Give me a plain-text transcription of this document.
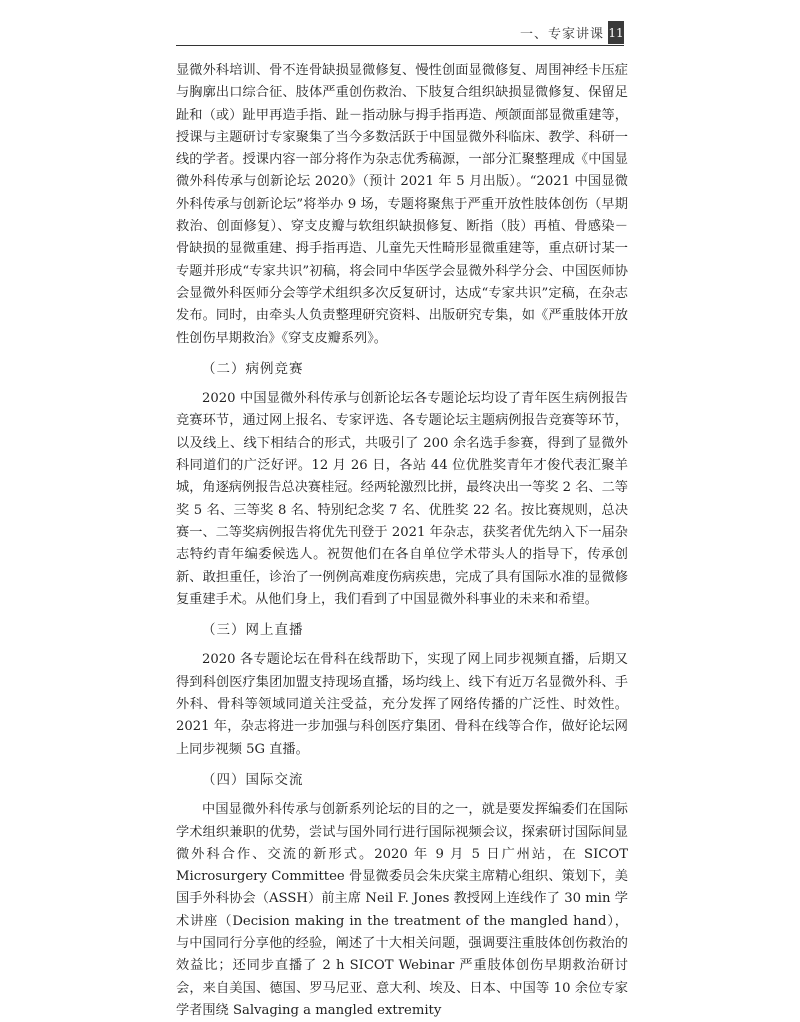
一、专家讲课 11

显微外科培训、骨不连骨缺损显微修复、慢性创面显微修复、周围神经卡压症与胸廓出口综合征、肢体严重创伤救治、下肢复合组织缺损显微修复、保留足趾和（或）趾甲再造手指、趾－指动脉与拇手指再造、颅颌面部显微重建等，授课与主题研讨专家聚集了当今多数活跃于中国显微外科临床、教学、科研一线的学者。授课内容一部分将作为杂志优秀稿源，一部分汇聚整理成《中国显微外科传承与创新论坛 2020》（预计 2021 年 5 月出版）。“2021 中国显微外科传承与创新论坛”将举办 9 场，专题将聚焦于严重开放性肢体创伤（早期救治、创面修复）、穿支皮瓣与软组织缺损修复、断指（肢）再植、骨感染－骨缺损的显微重建、拇手指再造、儿童先天性畸形显微重建等，重点研讨某一专题并形成“专家共识”初稿，将会同中华医学会显微外科学分会、中国医师协会显微外科医师分会等学术组织多次反复研讨，达成“专家共识”定稿，在杂志发布。同时，由牵头人负责整理研究资料、出版研究专集，如《严重肢体开放性创伤早期救治》《穿支皮瓣系列》。

（二）病例竞赛

2020 中国显微外科传承与创新论坛各专题论坛均设了青年医生病例报告竞赛环节，通过网上报名、专家评选、各专题论坛主题病例报告竞赛等环节，以及线上、线下相结合的形式，共吸引了 200 余名选手参赛，得到了显微外科同道们的广泛好评。12 月 26 日，各站 44 位优胜奖青年才俊代表汇聚羊城，角逐病例报告总决赛桂冠。经两轮激烈比拼，最终决出一等奖 2 名、二等奖 5 名、三等奖 8 名、特别纪念奖 7 名、优胜奖 22 名。按比赛规则，总决赛一、二等奖病例报告将优先刊登于 2021 年杂志，获奖者优先纳入下一届杂志特约青年编委候选人。祝贺他们在各自单位学术带头人的指导下，传承创新、敢担重任，诊治了一例例高难度伤病疾患，完成了具有国际水准的显微修复重建手术。从他们身上，我们看到了中国显微外科事业的未来和希望。

（三）网上直播

2020 各专题论坛在骨科在线帮助下，实现了网上同步视频直播，后期又得到科创医疗集团加盟支持现场直播，场均线上、线下有近万名显微外科、手外科、骨科等领域同道关注受益，充分发挥了网络传播的广泛性、时效性。2021 年，杂志将进一步加强与科创医疗集团、骨科在线等合作，做好论坛网上同步视频 5G 直播。

（四）国际交流

中国显微外科传承与创新系列论坛的目的之一，就是要发挥编委们在国际学术组织兼职的优势，尝试与国外同行进行国际视频会议，探索研讨国际间显微外科合作、交流的新形式。2020 年 9 月 5 日广州站，在 SICOT Microsurgery Committee 骨显微委员会朱庆棠主席精心组织、策划下，美国手外科协会（ASSH）前主席 Neil F. Jones 教授网上连线作了 30 min 学术讲座（Decision making in the treatment of the mangled hand），与中国同行分享他的经验，阐述了十大相关问题，强调要注重肢体创伤救治的效益比；还同步直播了 2 h SICOT Webinar 严重肢体创伤早期救治研讨会，来自美国、德国、罗马尼亚、意大利、埃及、日本、中国等 10 余位专家学者围绕 Salvaging a mangled extremity
